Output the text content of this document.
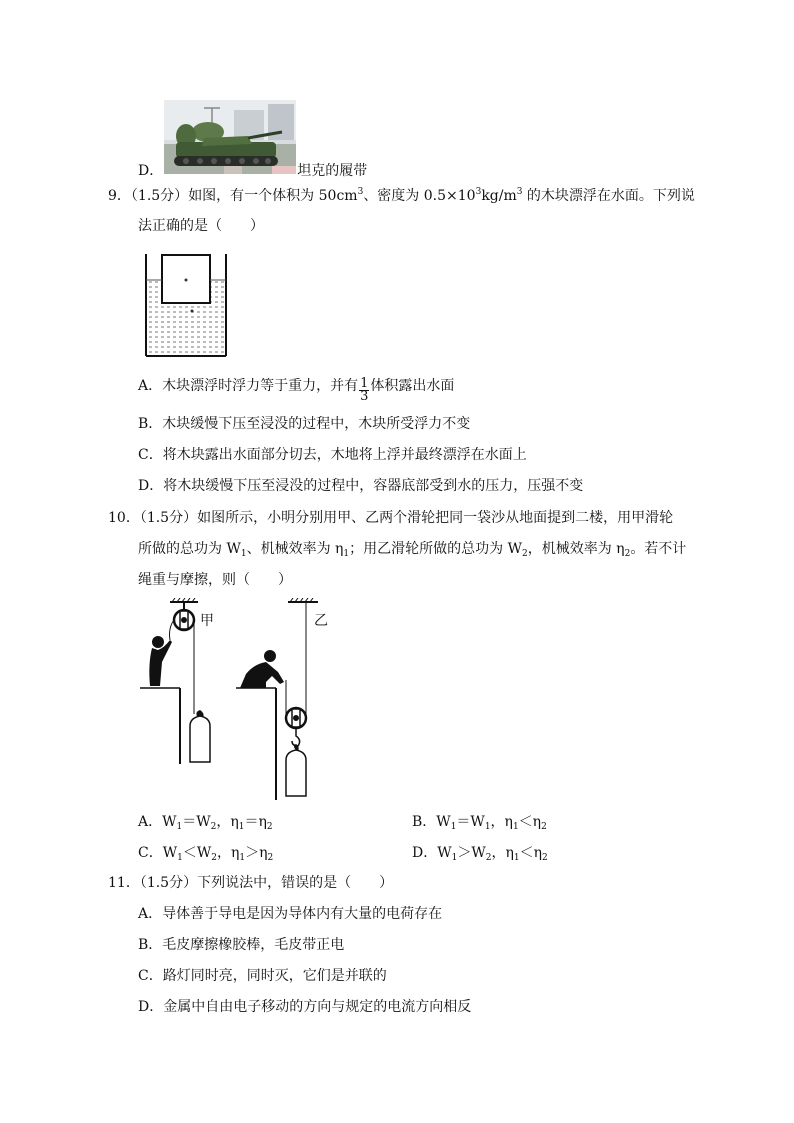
D．	坦克的履带
9．（1.5分）如图，有一个体积为 $50cm^3$、密度为 $0.5\times 10^3kg/m^3$ 的木块漂浮在水面。下列说
法正确的是（　　）
A．木块漂浮时浮力等于重力，并有 $\frac{1}{3}$ 体积露出水面
B．木块缓慢下压至浸没的过程中，木块所受浮力不变
C．将木块露出水面部分切去，木地将上浮并最终漂浮在水面上
D．将木块缓慢下压至浸没的过程中，容器底部受到水的压力，压强不变
10．（1.5分）如图所示，小明分别用甲、乙两个滑轮把同一袋沙从地面提到二楼，用甲滑轮
所做的总功为 $W_1$、机械效率为 $\eta_1$；用乙滑轮所做的总功为 $W_2$，机械效率为 $\eta_2$。若不计
绳重与摩擦，则（　　）
甲	乙
A．$W_1=W_2$，$\eta_1=\eta_2$	B．$W_1=W_1$，$\eta_1<\eta_2$
C．$W_1<W_2$，$\eta_1>\eta_2$	D．$W_1>W_2$，$\eta_1<\eta_2$
11．（1.5分）下列说法中，错误的是（　　）
A．导体善于导电是因为导体内有大量的电荷存在
B．毛皮摩擦橡胶棒，毛皮带正电
C．路灯同时亮，同时灭，它们是并联的
D．金属中自由电子移动的方向与规定的电流方向相反
